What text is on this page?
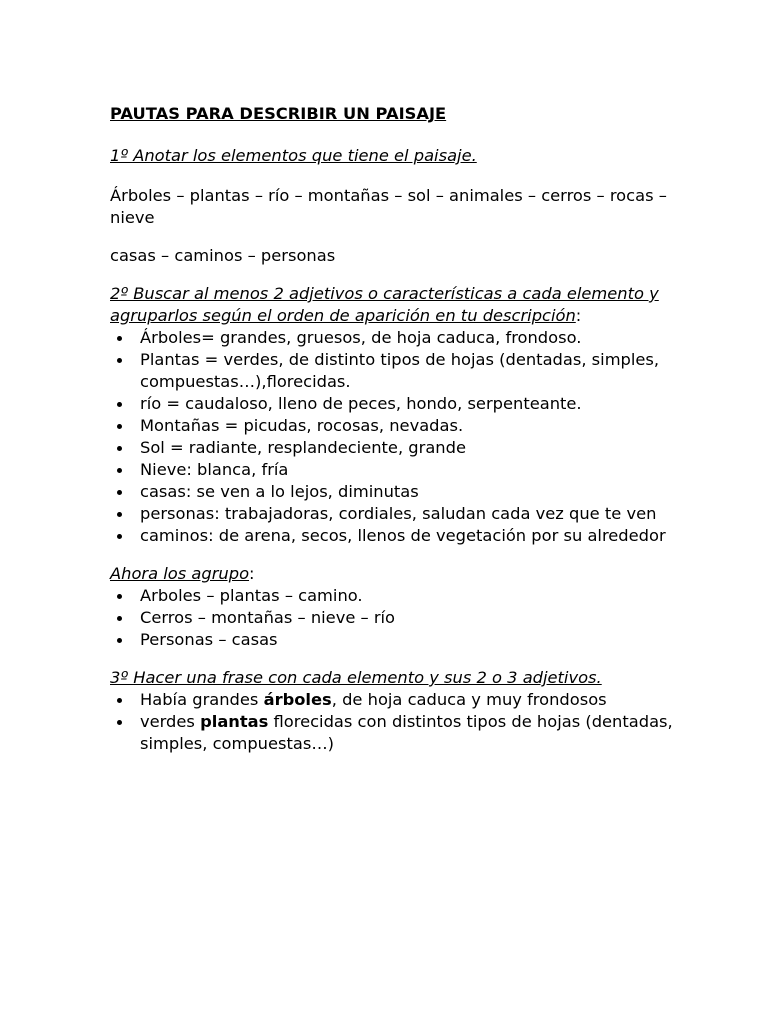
PAUTAS PARA DESCRIBIR UN PAISAJE

1º Anotar los elementos que tiene el paisaje.

Árboles – plantas – río – montañas – sol – animales – cerros – rocas – nieve

casas – caminos – personas

2º Buscar al menos 2 adjetivos o características a cada elemento y agruparlos según el orden de aparición en tu descripción:

Árboles= grandes, gruesos, de hoja caduca, frondoso.
Plantas = verdes, de distinto tipos de hojas (dentadas, simples, compuestas…),florecidas.
río = caudaloso, lleno de peces, hondo, serpenteante.
Montañas = picudas, rocosas, nevadas.
Sol = radiante, resplandeciente, grande
Nieve: blanca, fría
casas: se ven a lo lejos, diminutas
personas: trabajadoras, cordiales, saludan cada vez que te ven
caminos: de arena, secos, llenos de vegetación por su alrededor

Ahora los agrupo:

Arboles – plantas – camino.
Cerros – montañas – nieve – río
Personas – casas

3º Hacer una frase con cada elemento y sus 2 o 3 adjetivos.

Había grandes árboles, de hoja caduca y muy frondosos
verdes plantas florecidas con distintos tipos de hojas (dentadas, simples, compuestas…)
